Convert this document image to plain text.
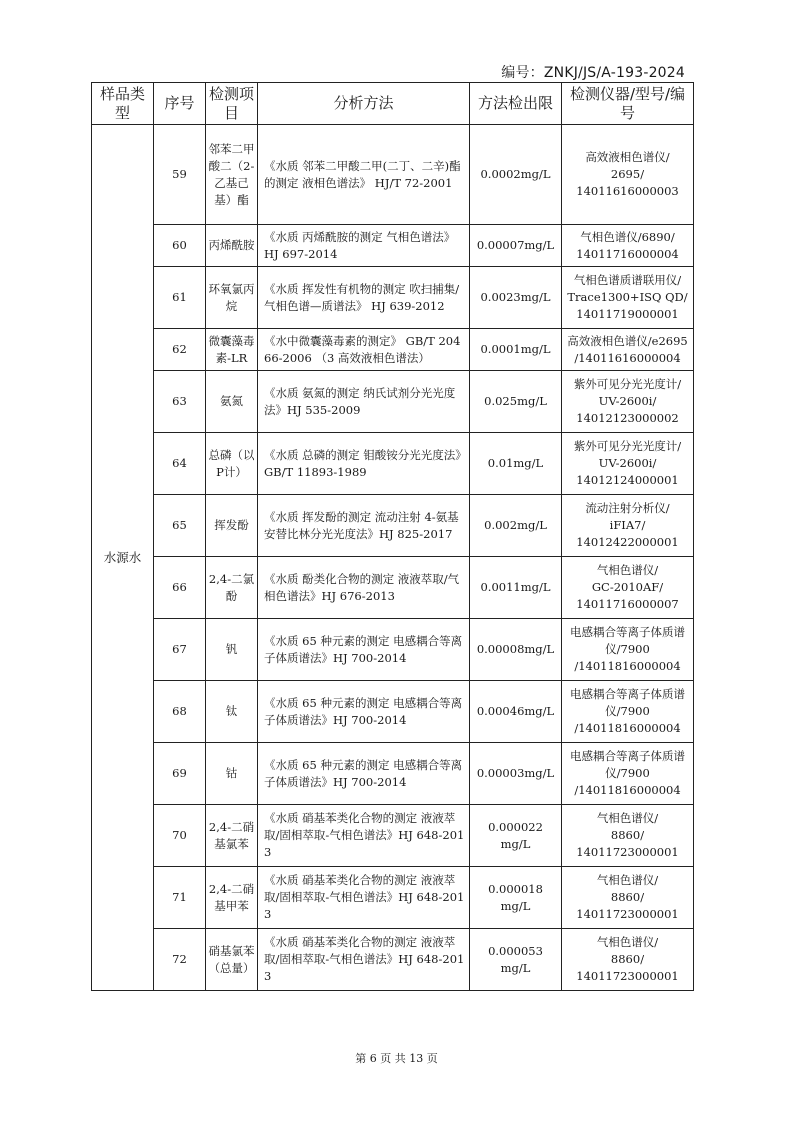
编号：ZNKJ/JS/A-193-2024
样品类型	序号	检测项目	分析方法	方法检出限	检测仪器/型号/编号
水源水	59	邻苯二甲酸二（2-乙基己基）酯	《水质 邻苯二甲酸二甲(二丁、二辛)酯的测定 液相色谱法》 HJ/T 72-2001	0.0002mg/L	高效液相色谱仪/
2695/
14011616000003
	60	丙烯酰胺	《水质 丙烯酰胺的测定 气相色谱法》 HJ 697-2014	0.00007mg/L	气相色谱仪/6890/
14011716000004
	61	环氧氯丙烷	《水质 挥发性有机物的测定 吹扫捕集/气相色谱—质谱法》 HJ 639-2012	0.0023mg/L	气相色谱质谱联用仪/
Trace1300+ISQ QD/
14011719000001
	62	微囊藻毒素-LR	《水中微囊藻毒素的测定》 GB/T 20466-2006 （3 高效液相色谱法）	0.0001mg/L	高效液相色谱仪/e2695
/14011616000004
	63	氨氮	《水质 氨氮的测定 纳氏试剂分光光度法》HJ 535-2009	0.025mg/L	紫外可见分光光度计/
UV-2600i/
14012123000002
	64	总磷（以P计）	《水质 总磷的测定 钼酸铵分光光度法》GB/T 11893-1989	0.01mg/L	紫外可见分光光度计/
UV-2600i/
14012124000001
	65	挥发酚	《水质 挥发酚的测定 流动注射 4-氨基安替比林分光光度法》HJ 825-2017	0.002mg/L	流动注射分析仪/
iFIA7/
14012422000001
	66	2,4-二氯酚	《水质 酚类化合物的测定 液液萃取/气相色谱法》HJ 676-2013	0.0011mg/L	气相色谱仪/
GC-2010AF/
14011716000007
	67	钒	《水质 65 种元素的测定 电感耦合等离子体质谱法》HJ 700-2014	0.00008mg/L	电感耦合等离子体质谱仪/7900
/14011816000004
	68	钛	《水质 65 种元素的测定 电感耦合等离子体质谱法》HJ 700-2014	0.00046mg/L	电感耦合等离子体质谱仪/7900
/14011816000004
	69	钴	《水质 65 种元素的测定 电感耦合等离子体质谱法》HJ 700-2014	0.00003mg/L	电感耦合等离子体质谱仪/7900
/14011816000004
	70	2,4-二硝基氯苯	《水质 硝基苯类化合物的测定 液液萃取/固相萃取-气相色谱法》HJ 648-2013	0.000022
mg/L	气相色谱仪/
8860/
14011723000001
	71	2,4-二硝基甲苯	《水质 硝基苯类化合物的测定 液液萃取/固相萃取-气相色谱法》HJ 648-2013	0.000018
mg/L	气相色谱仪/
8860/
14011723000001
	72	硝基氯苯（总量）	《水质 硝基苯类化合物的测定 液液萃取/固相萃取-气相色谱法》HJ 648-2013	0.000053
mg/L	气相色谱仪/
8860/
14011723000001
第 6 页 共 13 页
